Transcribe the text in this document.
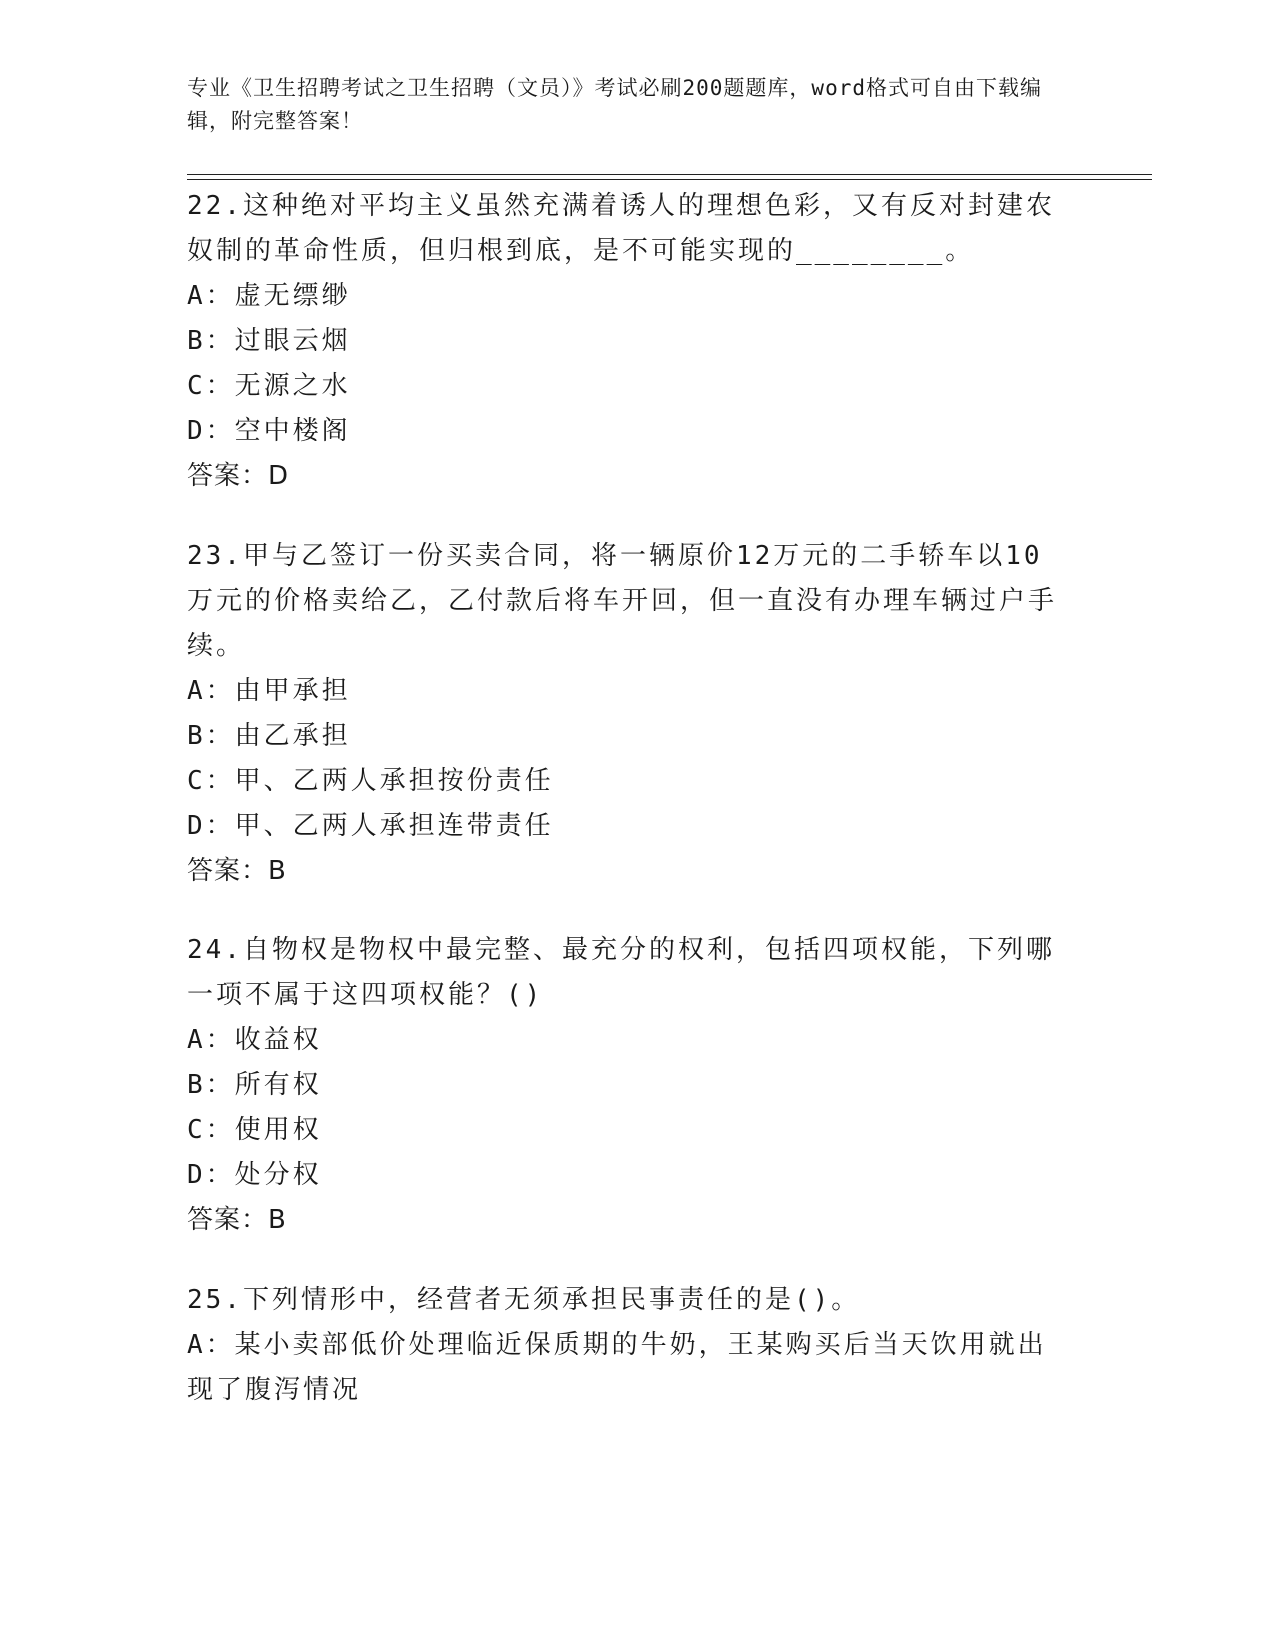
专业《卫生招聘考试之卫生招聘（文员）》考试必刷200题题库，word格式可自由下载编辑，附完整答案！

22.这种绝对平均主义虽然充满着诱人的理想色彩，又有反对封建农奴制的革命性质，但归根到底，是不可能实现的________。

A：虚无缥缈

B：过眼云烟

C：无源之水

D：空中楼阁

答案：D

23.甲与乙签订一份买卖合同，将一辆原价12万元的二手轿车以10万元的价格卖给乙，乙付款后将车开回，但一直没有办理车辆过户手续。

A：由甲承担

B：由乙承担

C：甲、乙两人承担按份责任

D：甲、乙两人承担连带责任

答案：B

24.自物权是物权中最完整、最充分的权利，包括四项权能，下列哪一项不属于这四项权能？()

A：收益权

B：所有权

C：使用权

D：处分权

答案：B

25.下列情形中，经营者无须承担民事责任的是()。

A：某小卖部低价处理临近保质期的牛奶，王某购买后当天饮用就出现了腹泻情况
